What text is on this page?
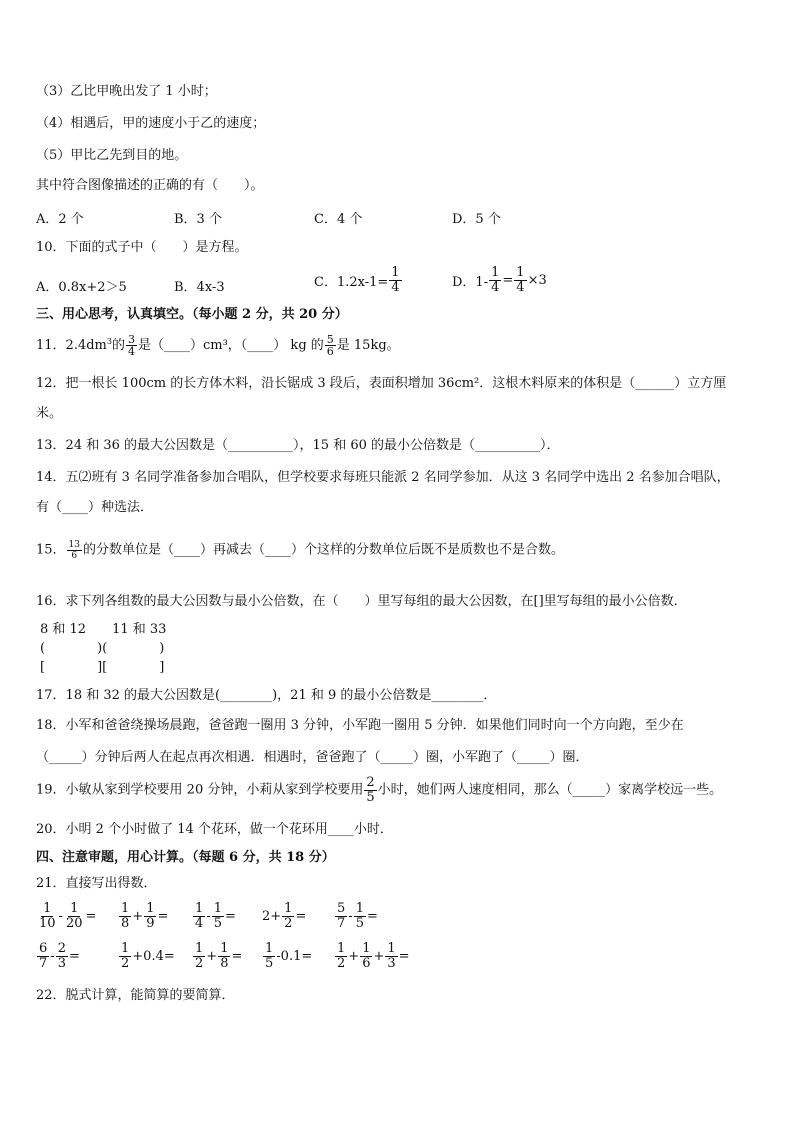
（3）乙比甲晚出发了 1 小时；
（4）相遇后，甲的速度小于乙的速度；
（5）甲比乙先到目的地。
其中符合图像描述的正确的有（　　）。
A．2 个	B．3 个	C．4 个	D．5 个
10．下面的式子中（　　）是方程。
A．0.8x+2＞5	B．4x-3	C．$1.2x-1= \frac{1}{4}$	D．$1- \frac{1}{4} = \frac{1}{4} \times 3$
三、用心思考，认真填空。（每小题 2 分，共 20 分）
11．$2.4dm^3$的 $\frac{3}{4}$ 是（____）cm³，（____） kg 的 $\frac{5}{6}$ 是 15kg。
12．把一根长 100cm 的长方体木料，沿长锯成 3 段后，表面积增加 36cm²．这根木料原来的体积是（______）立方厘
米。
13．24 和 36 的最大公因数是（__________），15 和 60 的最小公倍数是（__________）．
14．五⑵班有 3 名同学准备参加合唱队，但学校要求每班只能派 2 名同学参加．从这 3 名同学中选出 2 名参加合唱队，
有（____）种选法．
15． $\frac{13}{6}$ 的分数单位是（____）再减去（____）个这样的分数单位后既不是质数也不是合数。
16．求下列各组数的最大公因数与最小公倍数，在（　　）里写每组的最大公因数，在[]里写每组的最小公倍数．
8 和 12　　11 和 33
(　　　　)(　　　　)
[　　　　][　　　　]
17．18 和 32 的最大公因数是(________)，21 和 9 的最小公倍数是________．
18．小军和爸爸绕操场晨跑，爸爸跑一圈用 3 分钟，小军跑一圈用 5 分钟．如果他们同时向一个方向跑，至少在
（_____）分钟后两人在起点再次相遇．相遇时，爸爸跑了（_____）圈，小军跑了（_____）圈．
19．小敏从家到学校要用 20 分钟，小莉从家到学校要用 $\frac{2}{5}$ 小时，她们两人速度相同，那么（_____）家离学校远一些。
20．小明 2 个小时做了 14 个花环，做一个花环用____小时．
四、注意审题，用心计算。（每题 6 分，共 18 分）
21．直接写出得数．
$\frac{1}{10} - \frac{1}{20} = \frac{1}{8} + \frac{1}{9} = \frac{1}{4} - \frac{1}{5} = 2+ \frac{1}{2} = \frac{5}{7} - \frac{1}{5}$ =
$\frac{6}{7} - \frac{2}{3}$ =	$\frac{1}{2} +0.4= \frac{1}{2} + \frac{1}{8} = \frac{1}{5} -0.1= \frac{1}{2} + \frac{1}{6} + \frac{1}{3}$ =
22．脱式计算，能简算的要简算．
